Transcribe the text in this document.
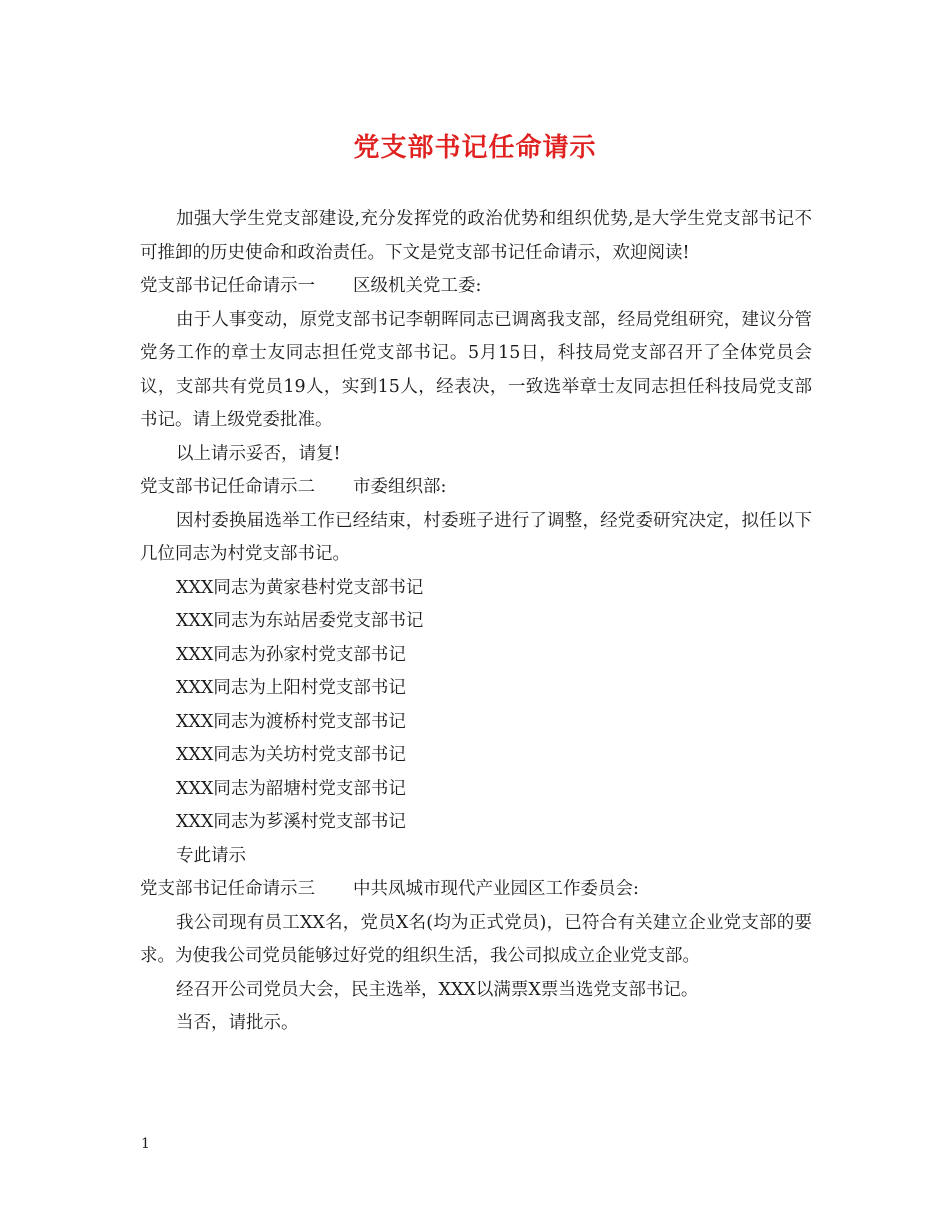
党支部书记任命请示

加强大学生党支部建设,充分发挥党的政治优势和组织优势,是大学生党支部书记不可推卸的历史使命和政治责任。下文是党支部书记任命请示，欢迎阅读!

党支部书记任命请示一 区级机关党工委:

由于人事变动，原党支部书记李朝晖同志已调离我支部，经局党组研究，建议分管党务工作的章士友同志担任党支部书记。5月15日，科技局党支部召开了全体党员会议，支部共有党员19人，实到15人，经表决，一致选举章士友同志担任科技局党支部书记。请上级党委批准。

以上请示妥否，请复!

党支部书记任命请示二 市委组织部:

因村委换届选举工作已经结束，村委班子进行了调整，经党委研究决定，拟任以下几位同志为村党支部书记。

XXX同志为黄家巷村党支部书记

XXX同志为东站居委党支部书记

XXX同志为孙家村党支部书记

XXX同志为上阳村党支部书记

XXX同志为渡桥村党支部书记

XXX同志为关坊村党支部书记

XXX同志为韶塘村党支部书记

XXX同志为芗溪村党支部书记

专此请示

党支部书记任命请示三 中共凤城市现代产业园区工作委员会:

我公司现有员工XX名，党员X名(均为正式党员)，已符合有关建立企业党支部的要求。为使我公司党员能够过好党的组织生活，我公司拟成立企业党支部。

经召开公司党员大会，民主选举，XXX以满票X票当选党支部书记。

当否，请批示。

1
